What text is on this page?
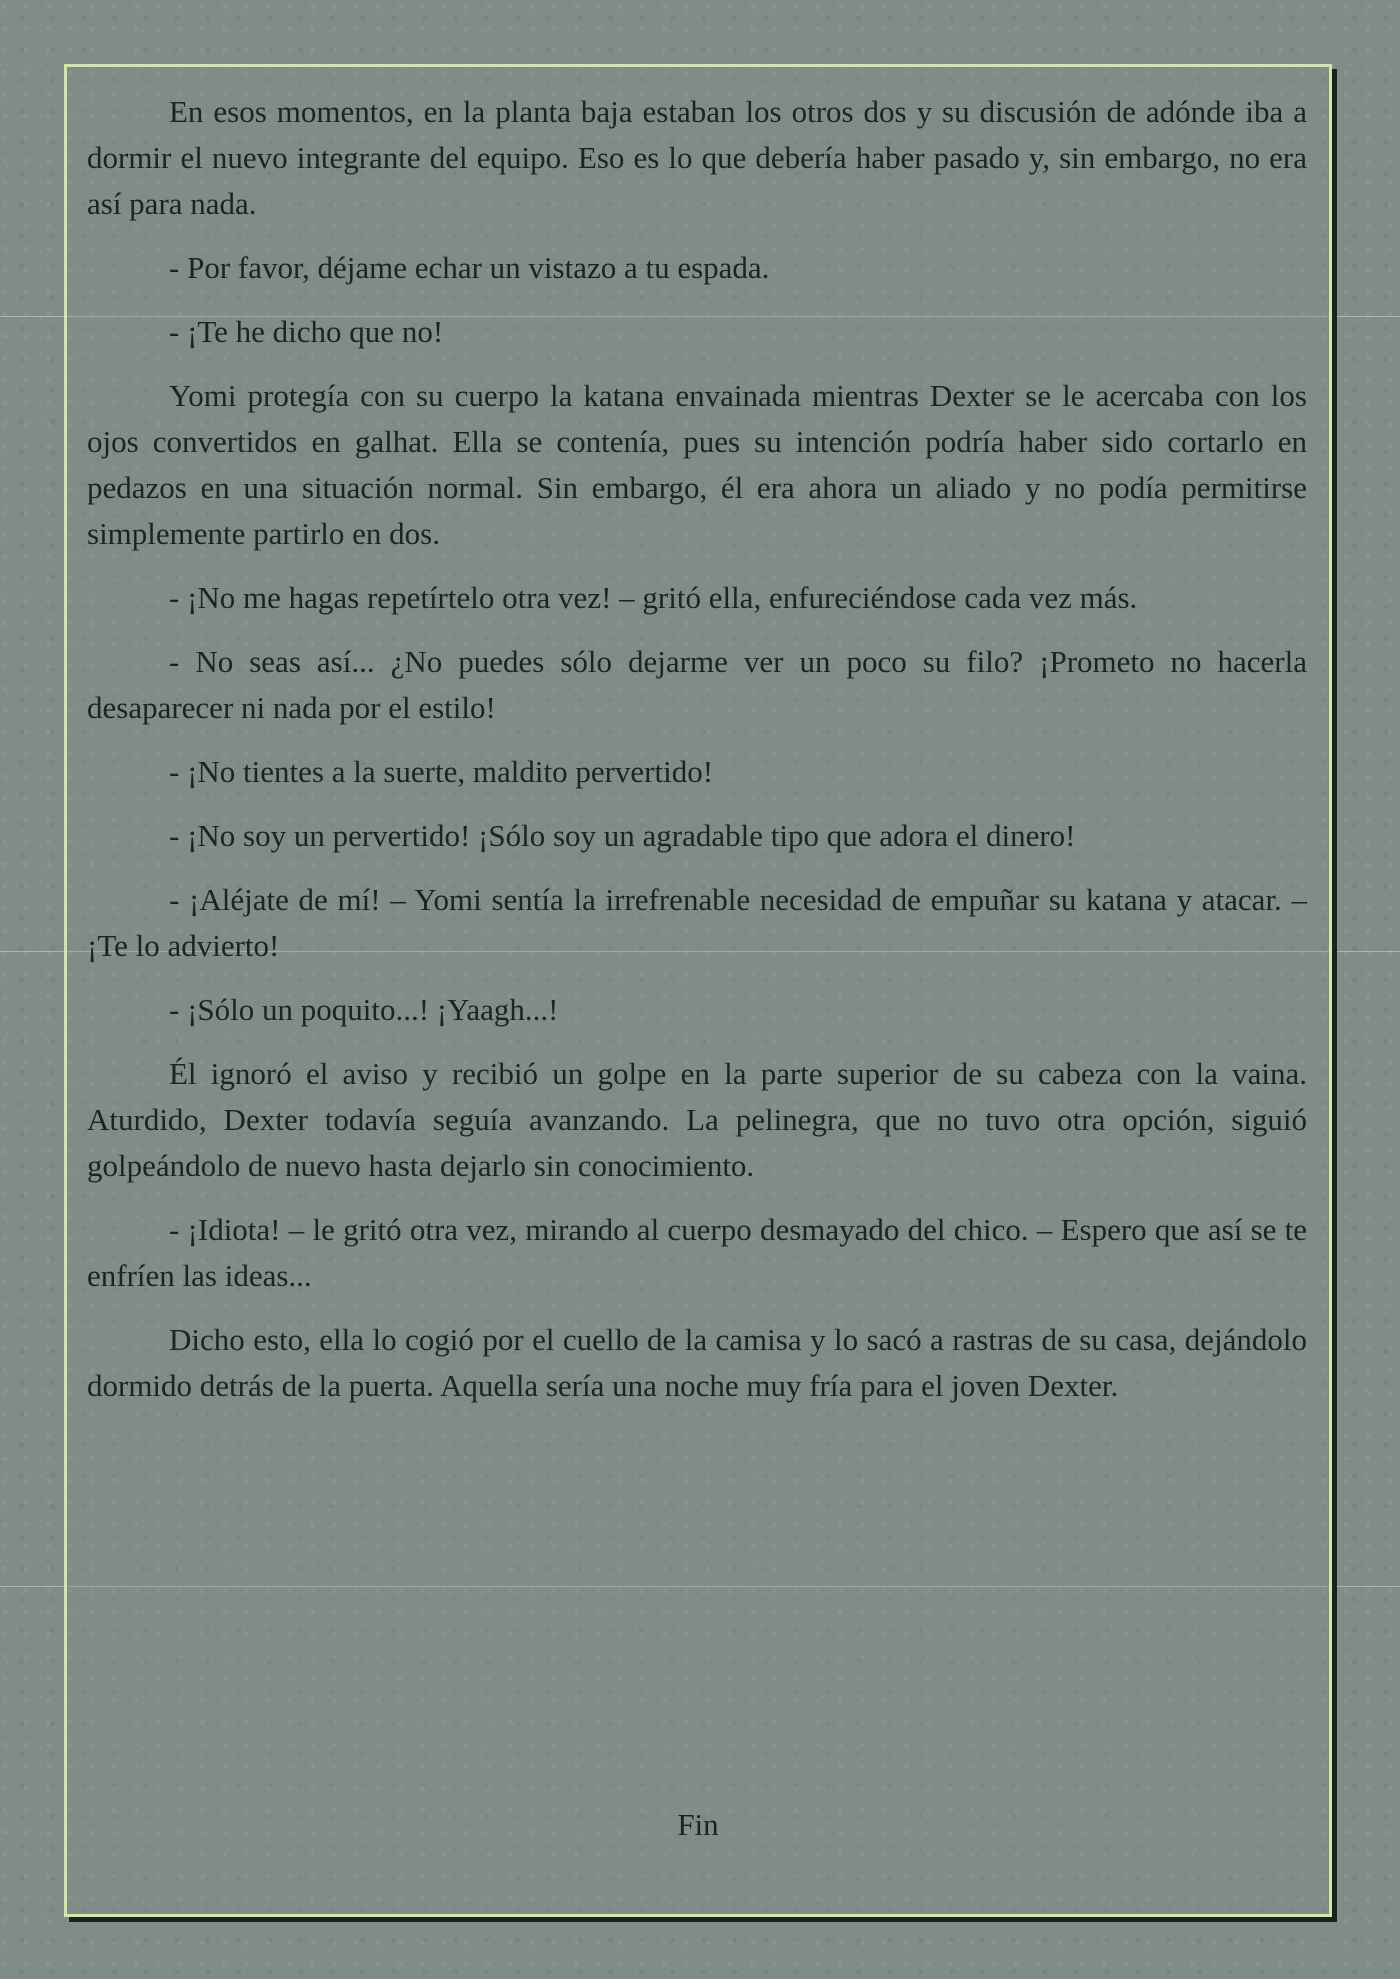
En esos momentos, en la planta baja estaban los otros dos y su discusión de adónde iba a dormir el nuevo integrante del equipo. Eso es lo que debería haber pasado y, sin embargo, no era así para nada.

- Por favor, déjame echar un vistazo a tu espada.

- ¡Te he dicho que no!

Yomi protegía con su cuerpo la katana envainada mientras Dexter se le acercaba con los ojos convertidos en galhat. Ella se contenía, pues su intención podría haber sido cortarlo en pedazos en una situación normal. Sin embargo, él era ahora un aliado y no podía permitirse simplemente partirlo en dos.

- ¡No me hagas repetírtelo otra vez! – gritó ella, enfureciéndose cada vez más.

- No seas así... ¿No puedes sólo dejarme ver un poco su filo? ¡Prometo no hacerla desaparecer ni nada por el estilo!

- ¡No tientes a la suerte, maldito pervertido!

- ¡No soy un pervertido! ¡Sólo soy un agradable tipo que adora el dinero!

- ¡Aléjate de mí! – Yomi sentía la irrefrenable necesidad de empuñar su katana y atacar. – ¡Te lo advierto!

- ¡Sólo un poquito...! ¡Yaagh...!

Él ignoró el aviso y recibió un golpe en la parte superior de su cabeza con la vaina. Aturdido, Dexter todavía seguía avanzando. La pelinegra, que no tuvo otra opción, siguió golpeándolo de nuevo hasta dejarlo sin conocimiento.

- ¡Idiota! – le gritó otra vez, mirando al cuerpo desmayado del chico. – Espero que así se te enfríen las ideas...

Dicho esto, ella lo cogió por el cuello de la camisa y lo sacó a rastras de su casa, dejándolo dormido detrás de la puerta. Aquella sería una noche muy fría para el joven Dexter.

Fin
